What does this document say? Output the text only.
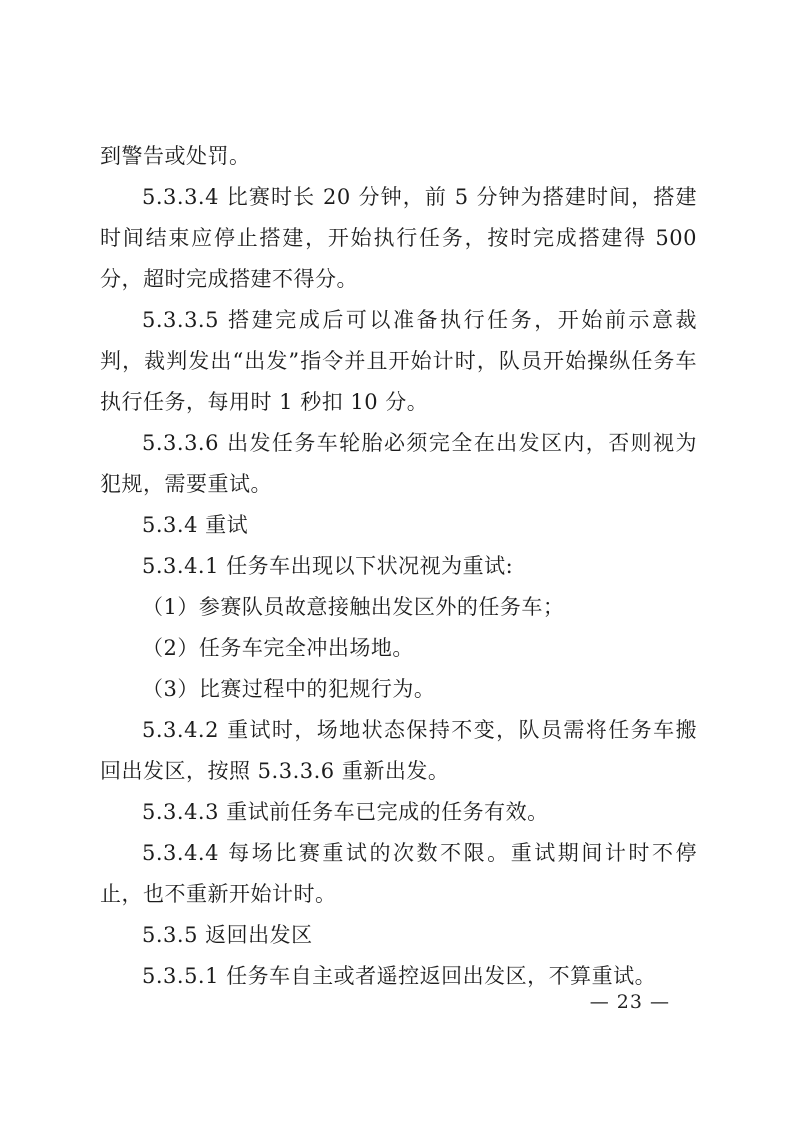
到警告或处罚。

5.3.3.4 比赛时长 20 分钟，前 5 分钟为搭建时间，搭建时间结束应停止搭建，开始执行任务，按时完成搭建得 500 分，超时完成搭建不得分。

5.3.3.5 搭建完成后可以准备执行任务，开始前示意裁判，裁判发出“出发”指令并且开始计时，队员开始操纵任务车执行任务，每用时 1 秒扣 10 分。

5.3.3.6 出发任务车轮胎必须完全在出发区内，否则视为犯规，需要重试。

5.3.4 重试

5.3.4.1 任务车出现以下状况视为重试:

（1）参赛队员故意接触出发区外的任务车；

（2）任务车完全冲出场地。

（3）比赛过程中的犯规行为。

5.3.4.2 重试时，场地状态保持不变，队员需将任务车搬回出发区，按照 5.3.3.6 重新出发。

5.3.4.3 重试前任务车已完成的任务有效。

5.3.4.4 每场比赛重试的次数不限。重试期间计时不停止，也不重新开始计时。

5.3.5 返回出发区

5.3.5.1 任务车自主或者遥控返回出发区，不算重试。

— 23 —
